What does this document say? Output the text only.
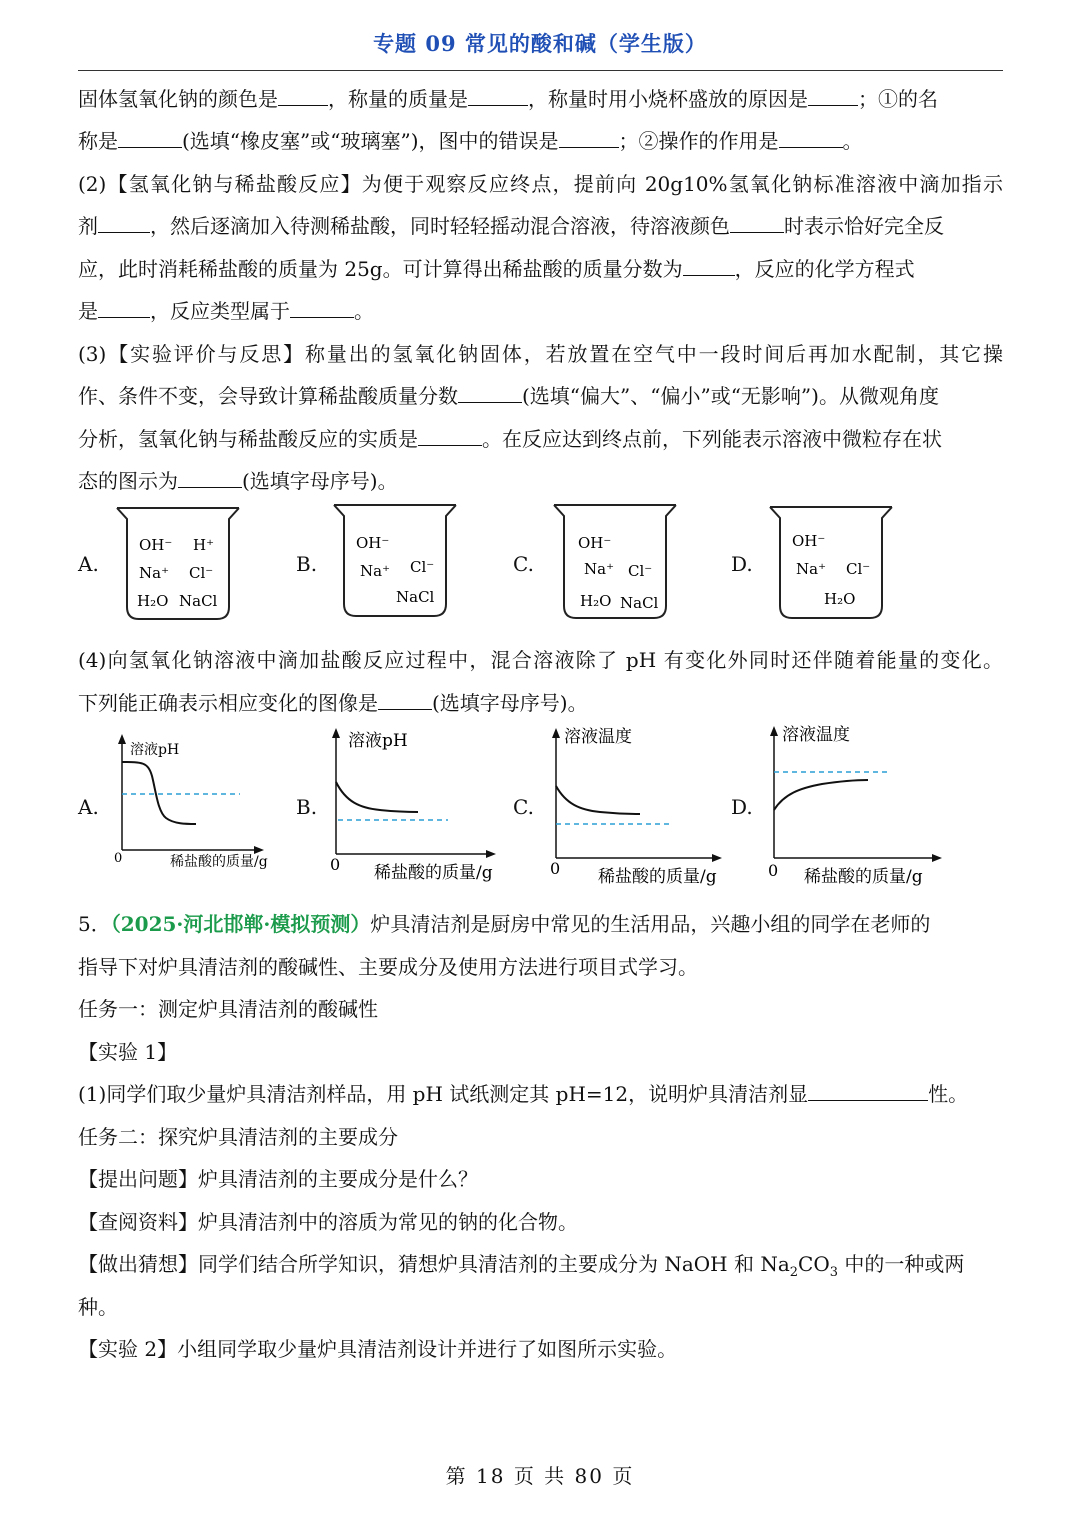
专题 09 常见的酸和碱（学生版）
固体氢氧化钠的颜色是	，称量的质量是	，称量时用小烧杯盛放的原因是	；①的名
称是	(选填“橡皮塞”或“玻璃塞”)，图中的错误是	；②操作的作用是	。
(2)【氢氧化钠与稀盐酸反应】为便于观察反应终点，提前向 20g10%氢氧化钠标准溶液中滴加指示
剂	，然后逐滴加入待测稀盐酸，同时轻轻摇动混合溶液，待溶液颜色	时表示恰好完全反
应，此时消耗稀盐酸的质量为 25g。可计算得出稀盐酸的质量分数为	，反应的化学方程式
是	，反应类型属于	。
(3)【实验评价与反思】称量出的氢氧化钠固体，若放置在空气中一段时间后再加水配制，其它操
作、条件不变，会导致计算稀盐酸质量分数	(选填“偏大”、“偏小”或“无影响”)。从微观角度
分析，氢氧化钠与稀盐酸反应的实质是	。在反应达到终点前，下列能表示溶液中微粒存在状
态的图示为	(选填字母序号)。
A.	B.	C.	D.
OH⁻ H⁺
Na⁺ Cl⁻
H₂O NaCl
OH⁻
Na⁺ Cl⁻
NaCl
OH⁻
Na⁺ Cl⁻
H₂O NaCl
OH⁻
Na⁺ Cl⁻
H₂O
(4)向氢氧化钠溶液中滴加盐酸反应过程中，混合溶液除了 pH 有变化外同时还伴随着能量的变化。
下列能正确表示相应变化的图像是	(选填字母序号)。
A.	B.	C.	D.
溶液pH
0	稀盐酸的质量/g
溶液pH
0 稀盐酸的质量/g
溶液温度
0 稀盐酸的质量/g
溶液温度
0 稀盐酸的质量/g
5．（2025·河北邯郸·模拟预测）炉具清洁剂是厨房中常见的生活用品，兴趣小组的同学在老师的
指导下对炉具清洁剂的酸碱性、主要成分及使用方法进行项目式学习。
任务一：测定炉具清洁剂的酸碱性
【实验 1】
(1)同学们取少量炉具清洁剂样品，用 pH 试纸测定其 pH=12，说明炉具清洁剂显	性。
任务二：探究炉具清洁剂的主要成分
【提出问题】炉具清洁剂的主要成分是什么？
【查阅资料】炉具清洁剂中的溶质为常见的钠的化合物。
【做出猜想】同学们结合所学知识，猜想炉具清洁剂的主要成分为 NaOH 和 $Na_2CO_3$ 中的一种或两
种。
【实验 2】小组同学取少量炉具清洁剂设计并进行了如图所示实验。
第 18 页 共 80 页
